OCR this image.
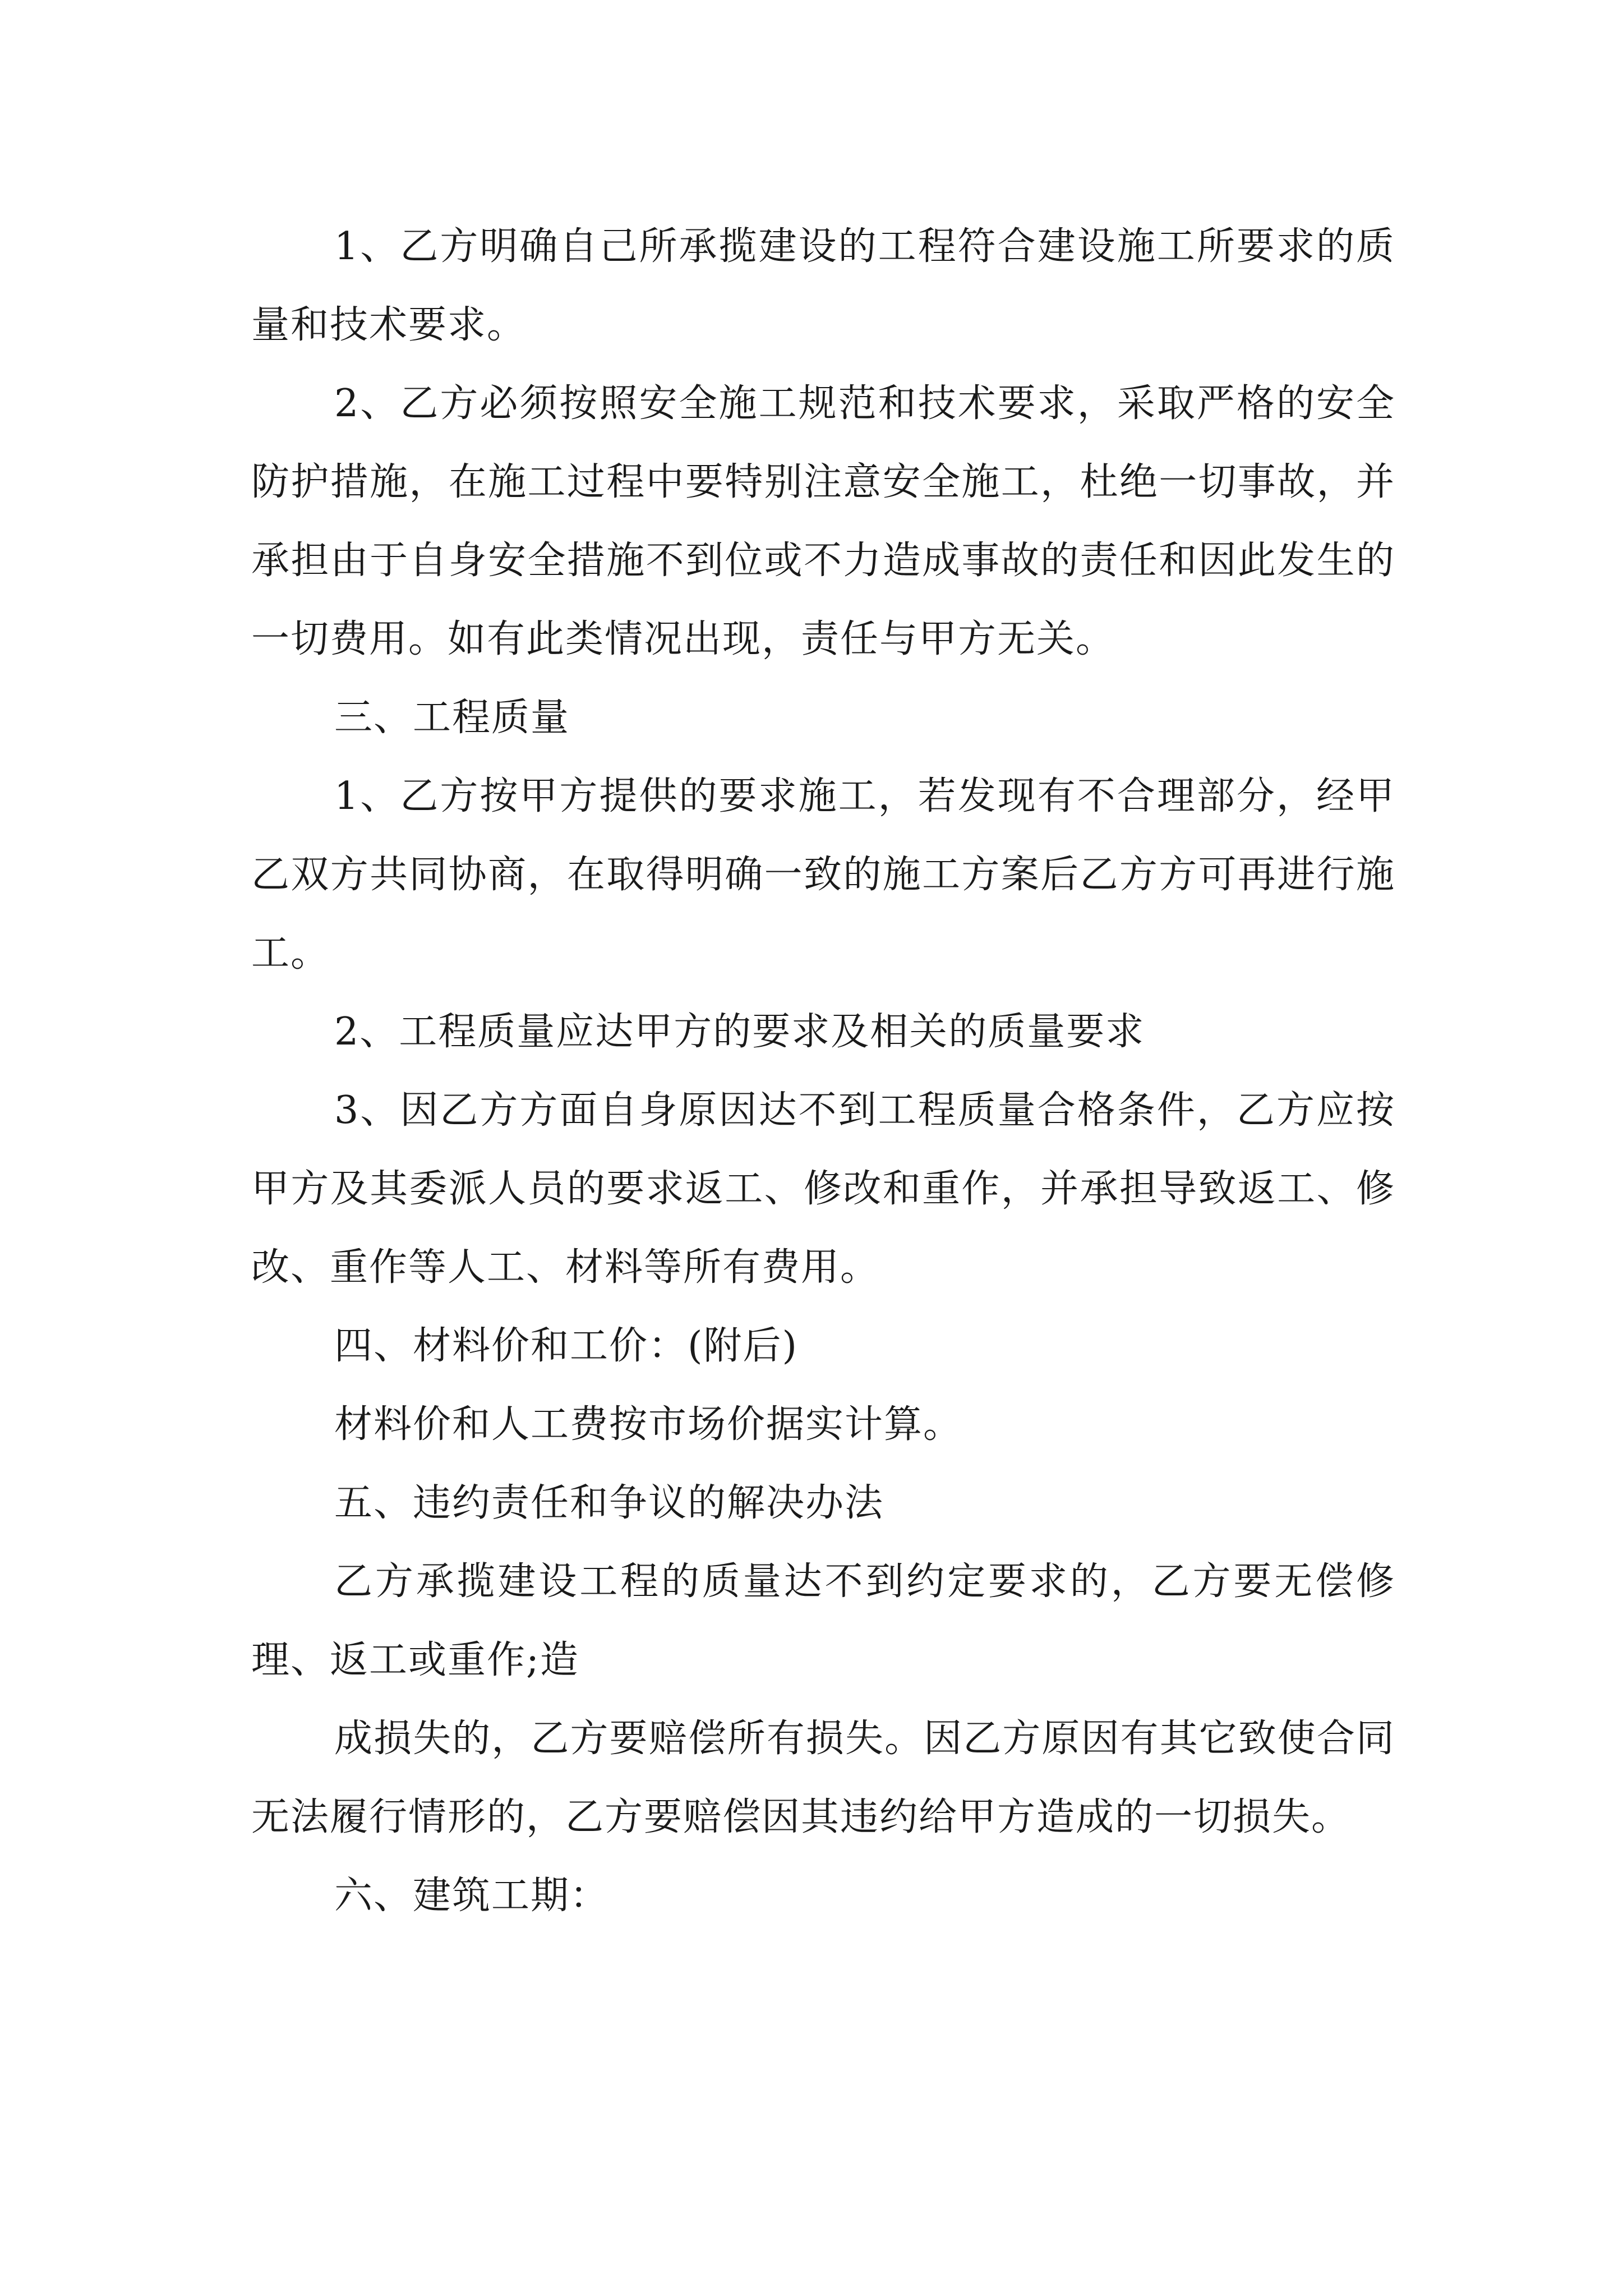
1、乙方明确自己所承揽建设的工程符合建设施工所要求的质量和技术要求。

2、乙方必须按照安全施工规范和技术要求，采取严格的安全防护措施，在施工过程中要特别注意安全施工，杜绝一切事故，并承担由于自身安全措施不到位或不力造成事故的责任和因此发生的一切费用。如有此类情况出现，责任与甲方无关。

三、工程质量

1、乙方按甲方提供的要求施工，若发现有不合理部分，经甲乙双方共同协商，在取得明确一致的施工方案后乙方方可再进行施工。

2、工程质量应达甲方的要求及相关的质量要求

3、因乙方方面自身原因达不到工程质量合格条件，乙方应按甲方及其委派人员的要求返工、修改和重作，并承担导致返工、修改、重作等人工、材料等所有费用。

四、材料价和工价：(附后)

材料价和人工费按市场价据实计算。

五、违约责任和争议的解决办法

乙方承揽建设工程的质量达不到约定要求的，乙方要无偿修理、返工或重作;造

成损失的，乙方要赔偿所有损失。因乙方原因有其它致使合同无法履行情形的，乙方要赔偿因其违约给甲方造成的一切损失。

六、建筑工期：
